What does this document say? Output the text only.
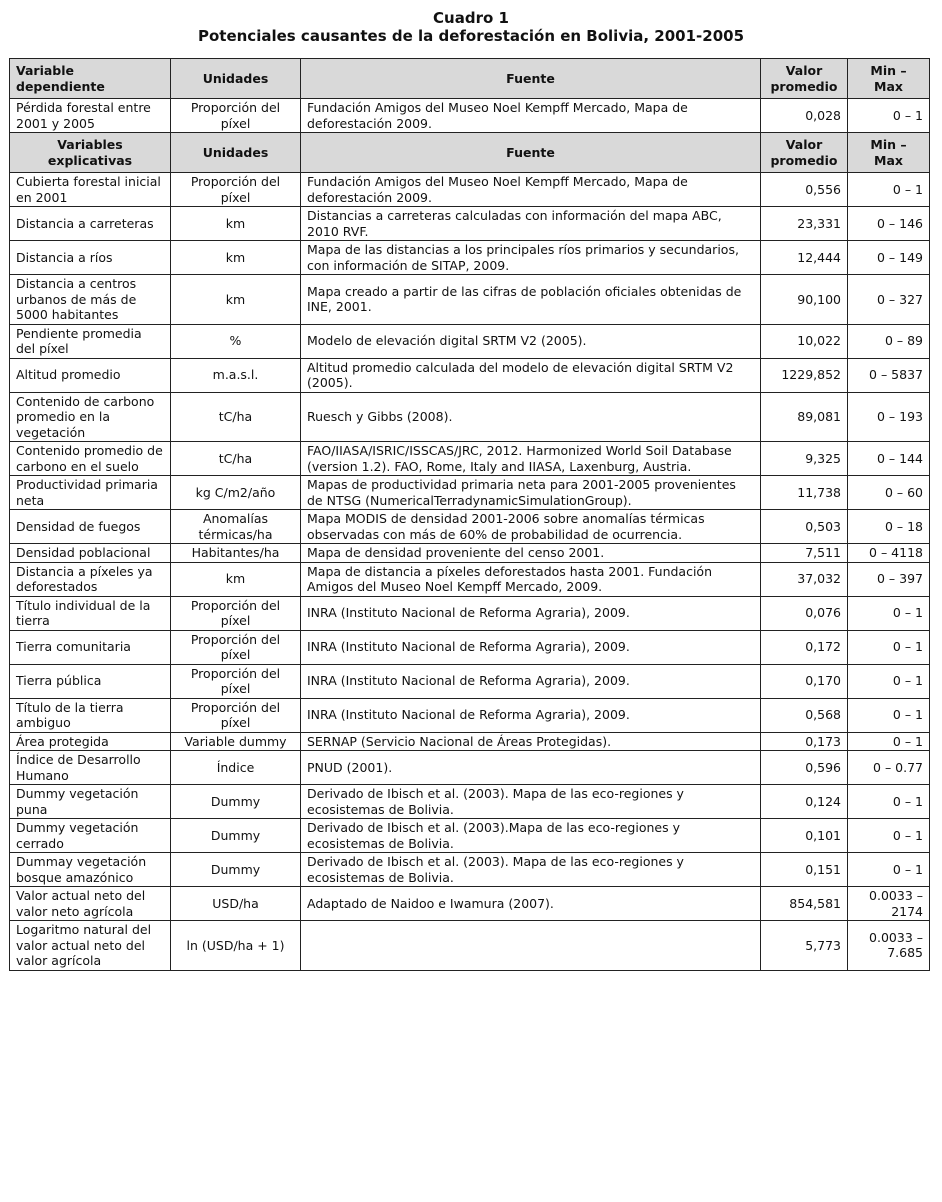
Cuadro 1
Potenciales causantes de la deforestación en Bolivia, 2001-2005
Variable dependiente	Unidades	Fuente	Valor promedio	Min – Max
Pérdida forestal entre 2001 y 2005	Proporción del píxel	Fundación Amigos del Museo Noel Kempff Mercado, Mapa de deforestación 2009.	0,028	0 – 1
Variables explicativas	Unidades	Fuente	Valor promedio	Min – Max
Cubierta forestal inicial en 2001	Proporción del píxel	Fundación Amigos del Museo Noel Kempff Mercado, Mapa de deforestación 2009.	0,556	0 – 1
Distancia a carreteras	km	Distancias a carreteras calculadas con información del mapa ABC, 2010 RVF.	23,331	0 – 146
Distancia a ríos	km	Mapa de las distancias a los principales ríos primarios y secundarios, con información de SITAP, 2009.	12,444	0 – 149
Distancia a centros urbanos de más de 5000 habitantes	km	Mapa creado a partir de las cifras de población oficiales obtenidas de INE, 2001.	90,100	0 – 327
Pendiente promedia del píxel	%	Modelo de elevación digital SRTM V2 (2005).	10,022	0 – 89
Altitud promedio	m.a.s.l.	Altitud promedio calculada del modelo de elevación digital SRTM V2 (2005).	1229,852	0 – 5837
Contenido de carbono promedio en la vegetación	tC/ha	Ruesch y Gibbs (2008).	89,081	0 – 193
Contenido promedio de carbono en el suelo	tC/ha	FAO/IIASA/ISRIC/ISSCAS/JRC, 2012. Harmonized World Soil Database (version 1.2). FAO, Rome, Italy and IIASA, Laxenburg, Austria.	9,325	0 – 144
Productividad primaria neta	kg C/m2/año	Mapas de productividad primaria neta para 2001-2005 provenientes de NTSG (NumericalTerradynamicSimulationGroup).	11,738	0 – 60
Densidad de fuegos	Anomalías térmicas/ha	Mapa MODIS de densidad 2001-2006 sobre anomalías térmicas observadas con más de 60% de probabilidad de ocurrencia.	0,503	0 – 18
Densidad poblacional	Habitantes/ha	Mapa de densidad proveniente del censo 2001.	7,511	0 – 4118
Distancia a píxeles ya deforestados	km	Mapa de distancia a píxeles deforestados hasta 2001. Fundación Amigos del Museo Noel Kempff Mercado, 2009.	37,032	0 – 397
Título individual de la tierra	Proporción del píxel	INRA (Instituto Nacional de Reforma Agraria), 2009.	0,076	0 – 1
Tierra comunitaria	Proporción del píxel	INRA (Instituto Nacional de Reforma Agraria), 2009.	0,172	0 – 1
Tierra pública	Proporción del píxel	INRA (Instituto Nacional de Reforma Agraria), 2009.	0,170	0 – 1
Título de la tierra ambiguo	Proporción del píxel	INRA (Instituto Nacional de Reforma Agraria), 2009.	0,568	0 – 1
Área protegida	Variable dummy	SERNAP (Servicio Nacional de Áreas Protegidas).	0,173	0 – 1
Índice de Desarrollo Humano	Índice	PNUD (2001).	0,596	0 – 0.77
Dummy vegetación puna	Dummy	Derivado de Ibisch et al. (2003). Mapa de las eco-regiones y ecosistemas de Bolivia.	0,124	0 – 1
Dummy vegetación cerrado	Dummy	Derivado de Ibisch et al. (2003).Mapa de las eco-regiones y ecosistemas de Bolivia.	0,101	0 – 1
Dummay vegetación bosque amazónico	Dummy	Derivado de Ibisch et al. (2003). Mapa de las eco-regiones y ecosistemas de Bolivia.	0,151	0 – 1
Valor actual neto del valor neto agrícola	USD/ha	Adaptado de Naidoo e Iwamura (2007).	854,581	0.0033 – 2174
Logaritmo natural del valor actual neto del valor agrícola	ln (USD/ha + 1)		5,773	0.0033 – 7.685
